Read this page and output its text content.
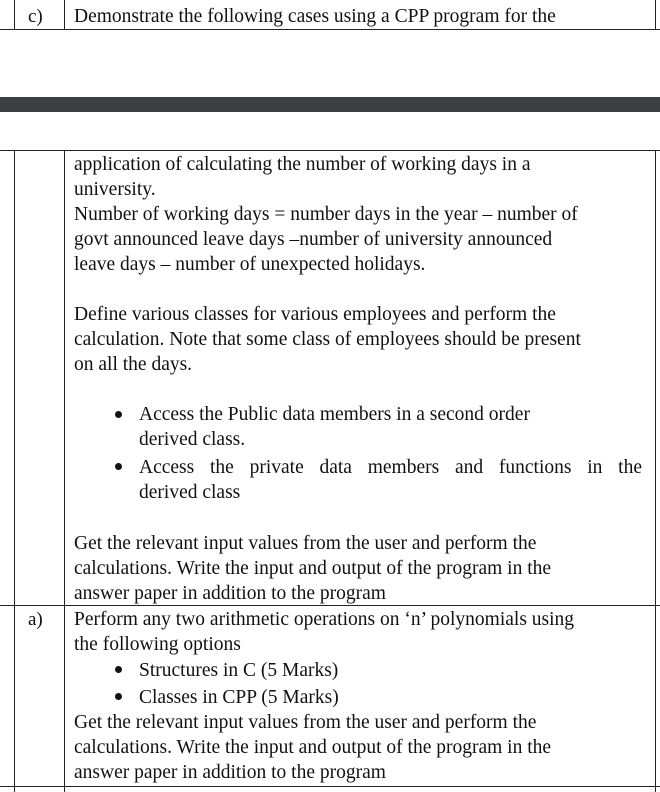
c) Demonstrate the following cases using a CPP program for the
application of calculating the number of working days in a
university.
Number of working days = number days in the year – number of
govt announced leave days –number of university announced
leave days – number of unexpected holidays.
Define various classes for various employees and perform the
calculation. Note that some class of employees should be present
on all the days.
Access the Public data members in a second order
derived class.
Access the private data members and functions in the
derived class
Get the relevant input values from the user and perform the
calculations. Write the input and output of the program in the
answer paper in addition to the program
a) Perform any two arithmetic operations on ‘n’ polynomials using
the following options
Structures in C (5 Marks)
Classes in CPP (5 Marks)
Get the relevant input values from the user and perform the
calculations. Write the input and output of the program in the
answer paper in addition to the program
